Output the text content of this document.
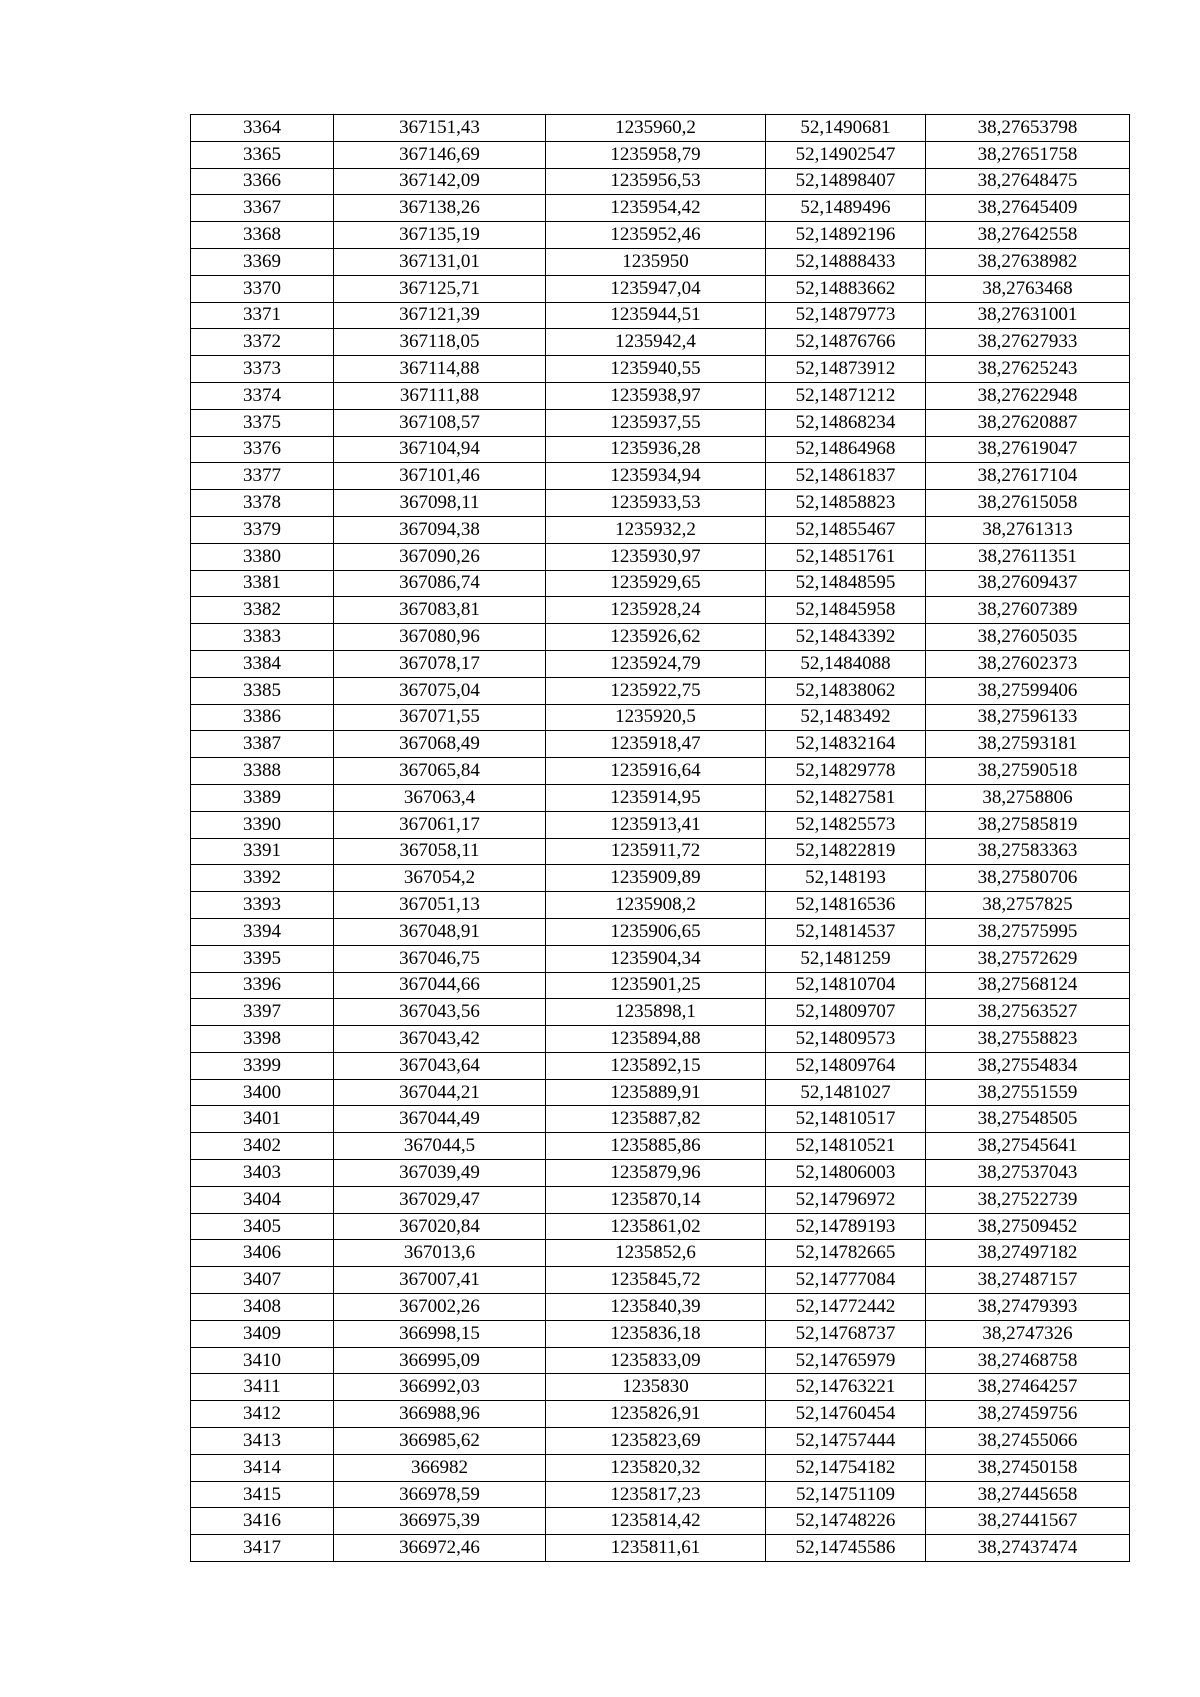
3364	367151,43	1235960,2	52,1490681	38,27653798
3365	367146,69	1235958,79	52,14902547	38,27651758
3366	367142,09	1235956,53	52,14898407	38,27648475
3367	367138,26	1235954,42	52,1489496	38,27645409
3368	367135,19	1235952,46	52,14892196	38,27642558
3369	367131,01	1235950	52,14888433	38,27638982
3370	367125,71	1235947,04	52,14883662	38,2763468
3371	367121,39	1235944,51	52,14879773	38,27631001
3372	367118,05	1235942,4	52,14876766	38,27627933
3373	367114,88	1235940,55	52,14873912	38,27625243
3374	367111,88	1235938,97	52,14871212	38,27622948
3375	367108,57	1235937,55	52,14868234	38,27620887
3376	367104,94	1235936,28	52,14864968	38,27619047
3377	367101,46	1235934,94	52,14861837	38,27617104
3378	367098,11	1235933,53	52,14858823	38,27615058
3379	367094,38	1235932,2	52,14855467	38,2761313
3380	367090,26	1235930,97	52,14851761	38,27611351
3381	367086,74	1235929,65	52,14848595	38,27609437
3382	367083,81	1235928,24	52,14845958	38,27607389
3383	367080,96	1235926,62	52,14843392	38,27605035
3384	367078,17	1235924,79	52,1484088	38,27602373
3385	367075,04	1235922,75	52,14838062	38,27599406
3386	367071,55	1235920,5	52,1483492	38,27596133
3387	367068,49	1235918,47	52,14832164	38,27593181
3388	367065,84	1235916,64	52,14829778	38,27590518
3389	367063,4	1235914,95	52,14827581	38,2758806
3390	367061,17	1235913,41	52,14825573	38,27585819
3391	367058,11	1235911,72	52,14822819	38,27583363
3392	367054,2	1235909,89	52,148193	38,27580706
3393	367051,13	1235908,2	52,14816536	38,2757825
3394	367048,91	1235906,65	52,14814537	38,27575995
3395	367046,75	1235904,34	52,1481259	38,27572629
3396	367044,66	1235901,25	52,14810704	38,27568124
3397	367043,56	1235898,1	52,14809707	38,27563527
3398	367043,42	1235894,88	52,14809573	38,27558823
3399	367043,64	1235892,15	52,14809764	38,27554834
3400	367044,21	1235889,91	52,1481027	38,27551559
3401	367044,49	1235887,82	52,14810517	38,27548505
3402	367044,5	1235885,86	52,14810521	38,27545641
3403	367039,49	1235879,96	52,14806003	38,27537043
3404	367029,47	1235870,14	52,14796972	38,27522739
3405	367020,84	1235861,02	52,14789193	38,27509452
3406	367013,6	1235852,6	52,14782665	38,27497182
3407	367007,41	1235845,72	52,14777084	38,27487157
3408	367002,26	1235840,39	52,14772442	38,27479393
3409	366998,15	1235836,18	52,14768737	38,2747326
3410	366995,09	1235833,09	52,14765979	38,27468758
3411	366992,03	1235830	52,14763221	38,27464257
3412	366988,96	1235826,91	52,14760454	38,27459756
3413	366985,62	1235823,69	52,14757444	38,27455066
3414	366982	1235820,32	52,14754182	38,27450158
3415	366978,59	1235817,23	52,14751109	38,27445658
3416	366975,39	1235814,42	52,14748226	38,27441567
3417	366972,46	1235811,61	52,14745586	38,27437474
